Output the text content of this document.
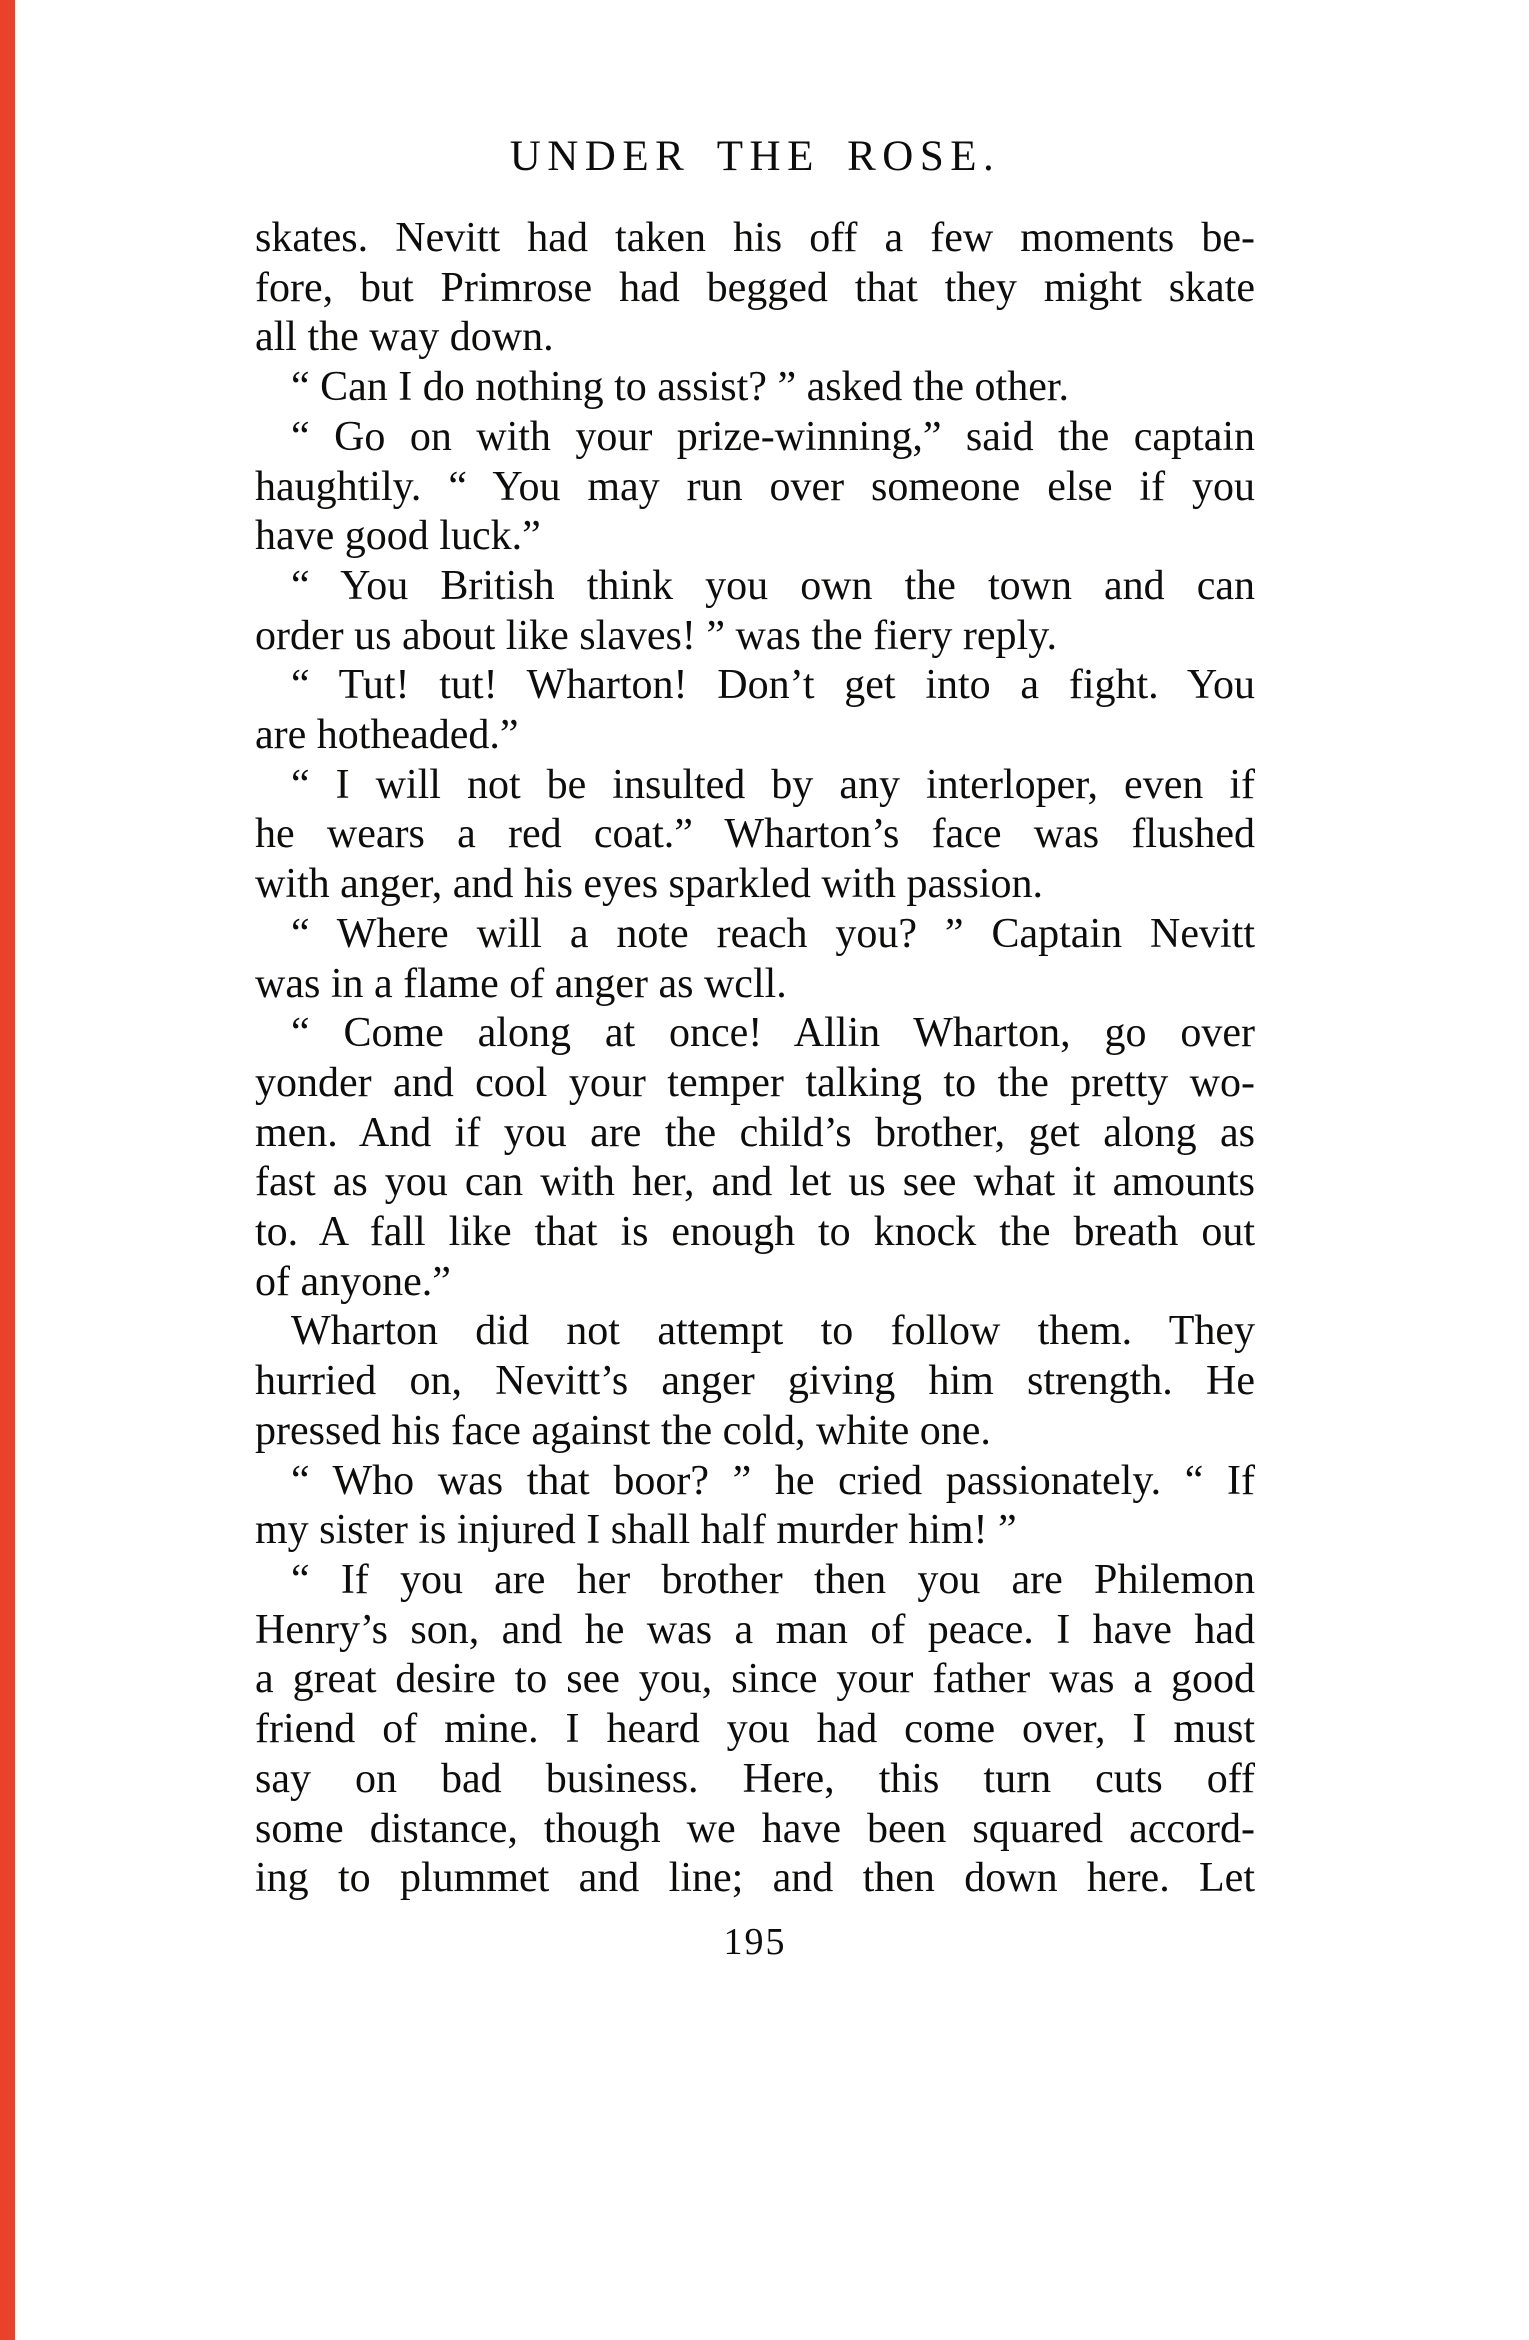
UNDER THE ROSE.
skates. Nevitt had taken his off a few moments be-
fore, but Primrose had begged that they might skate
all the way down.
“ Can I do nothing to assist? ” asked the other.
“ Go on with your prize-winning,” said the captain
haughtily. “ You may run over someone else if you
have good luck.”
“ You British think you own the town and can
order us about like slaves! ” was the fiery reply.
“ Tut! tut! Wharton! Don’t get into a fight. You
are hotheaded.”
“ I will not be insulted by any interloper, even if
he wears a red coat.” Wharton’s face was flushed
with anger, and his eyes sparkled with passion.
“ Where will a note reach you? ” Captain Nevitt
was in a flame of anger as wcll.
“ Come along at once! Allin Wharton, go over
yonder and cool your temper talking to the pretty wo-
men. And if you are the child’s brother, get along as
fast as you can with her, and let us see what it amounts
to. A fall like that is enough to knock the breath out
of anyone.”
Wharton did not attempt to follow them. They
hurried on, Nevitt’s anger giving him strength. He
pressed his face against the cold, white one.
“ Who was that boor? ” he cried passionately. “ If
my sister is injured I shall half murder him! ”
“ If you are her brother then you are Philemon
Henry’s son, and he was a man of peace. I have had
a great desire to see you, since your father was a good
friend of mine. I heard you had come over, I must
say on bad business. Here, this turn cuts off
some distance, though we have been squared accord-
ing to plummet and line; and then down here. Let
195
